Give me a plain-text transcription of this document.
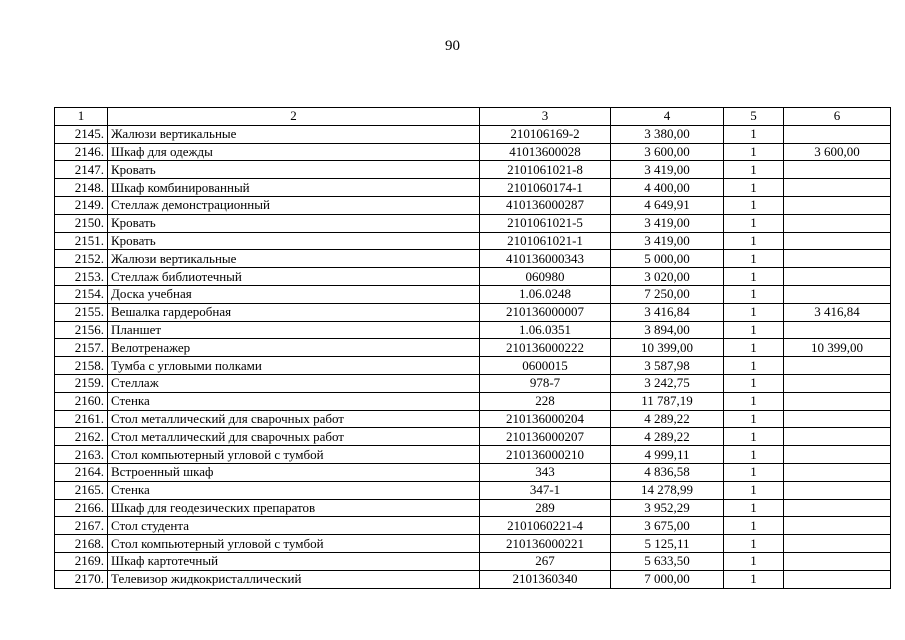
90
1	2	3	4	5	6
2145.	Жалюзи вертикальные	210106169-2	3 380,00	1	
2146.	Шкаф для одежды	41013600028	3 600,00	1	3 600,00
2147.	Кровать	2101061021-8	3 419,00	1	
2148.	Шкаф комбинированный	2101060174-1	4 400,00	1	
2149.	Стеллаж демонстрационный	410136000287	4 649,91	1	
2150.	Кровать	2101061021-5	3 419,00	1	
2151.	Кровать	2101061021-1	3 419,00	1	
2152.	Жалюзи вертикальные	410136000343	5 000,00	1	
2153.	Стеллаж библиотечный	060980	3 020,00	1	
2154.	Доска учебная	1.06.0248	7 250,00	1	
2155.	Вешалка гардеробная	210136000007	3 416,84	1	3 416,84
2156.	Планшет	1.06.0351	3 894,00	1	
2157.	Велотренажер	210136000222	10 399,00	1	10 399,00
2158.	Тумба с угловыми полками	0600015	3 587,98	1	
2159.	Стеллаж	978-7	3 242,75	1	
2160.	Стенка	228	11 787,19	1	
2161.	Стол металлический для сварочных работ	210136000204	4 289,22	1	
2162.	Стол металлический для сварочных работ	210136000207	4 289,22	1	
2163.	Стол компьютерный угловой с тумбой	210136000210	4 999,11	1	
2164.	Встроенный шкаф	343	4 836,58	1	
2165.	Стенка	347-1	14 278,99	1	
2166.	Шкаф для геодезических препаратов	289	3 952,29	1	
2167.	Стол студента	2101060221-4	3 675,00	1	
2168.	Стол компьютерный угловой с тумбой	210136000221	5 125,11	1	
2169.	Шкаф картотечный	267	5 633,50	1	
2170.	Телевизор жидкокристаллический	2101360340	7 000,00	1	
